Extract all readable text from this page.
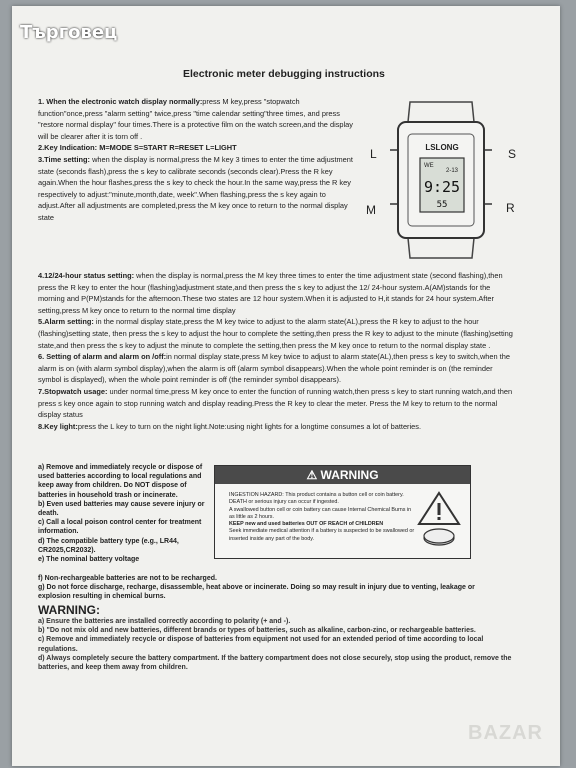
Търговец
Electronic meter debugging instructions

1. When the electronic watch display normally:press M key,press "stopwatch function"once,press "alarm setting" twice,press "time calendar setting"three times, and press "restore normal display" four times.There is a protective film on the watch screen,and the display will be clearer after it is torn off .

2.Key Indication: M=MODE S=START R=RESET L=LIGHT

3.Time setting: when the display is normal,press the M key 3 times to enter the time adjustment state (seconds flash),press the s key to calibrate seconds (seconds clear).Press the R key again.When the hour flashes,press the s key to check the hour.In the same way,press the R key respectively to adjust:"minute,month,date, week".When flashing,press the s key again to adjust.After all adjustments are completed,press the M key once to return to the normal display state

LSLONG
WE
2-13
9:25
55
L	S
M	R

4.12/24-hour status setting: when the display is normal,press the M key three times to enter the time adjustment state (second flashing),then press the R key to enter the hour (flashing)adjustment state,and then press the s key to adjust the 12/ 24-hour system.A(AM)stands for the morning and P(PM)stands for the afternoon.These two states are 12 hour system.When it is adjusted to H,it stands for 24 hour system.After setting,press M key once to return to the normal time display

5.Alarm setting: in the normal display state,press the M key twice to adjust to the alarm state(AL),press the R key to adjust to the hour (flashing)setting state, then press the s key to adjust the hour to complete the setting,then press the R key to adjust to the minute (flashing)setting state,and then press the s key to adjust the minute to complete the setting,then press the M key once to return to the normal display state .

6. Setting of alarm and alarm on /off:in normal display state,press M key twice to adjust to alarm state(AL),then press s key to switch,when the alarm is on (with alarm symbol display),when the alarm is off (alarm symbol disappears).When the whole point reminder is on (the reminder symbol is displayed), when the whole point reminder is off (the reminder symbol disappears).

7.Stopwatch usage: under normal time,press M key once to enter the function of running watch,then press s key to start running watch,and then press s key once again to stop running watch and display reading.Press the R key to clear the meter. Press the M key to return to the normal display status

8.Key light:press the L key to turn on the night light.Note:using night lights for a longtime consumes a lot of batteries.

a) Remove and immediately recycle or dispose of used batteries according to local regulations and keep away from children. Do NOT dispose of batteries in household trash or incinerate.

b) Even used batteries may cause severe injury or death.

c) Call a local poison control center for treatment information.

d) The compatible battery type (e.g., LR44, CR2025,CR2032).

e) The nominal battery voltage

⚠ WARNING

INGESTION HAZARD: This product contains a button cell or coin battery.

DEATH or serious injury can occur if ingested.

A swallowed button cell or coin battery can cause Internal Chemical Burns in as little as 2 hours.

KEEP new and used batteries OUT OF REACH of CHILDREN

Seek immediate medical attention if a battery is suspected to be swallowed or inserted inside any part of the body.

f) Non-rechargeable batteries are not to be recharged.

g) Do not force discharge, recharge, disassemble, heat above or incinerate. Doing so may result in injury due to venting, leakage or explosion resulting in chemical burns.

WARNING:

a) Ensure the batteries are installed correctly according to polarity (+ and -).

b) "Do not mix old and new batteries, different brands or types of batteries, such as alkaline, carbon-zinc, or rechargeable batteries.

c) Remove and immediately recycle or dispose of batteries from equipment not used for an extended period of time according to local regulations.

d) Always completely secure the battery compartment. If the battery compartment does not close securely, stop using the product, remove the batteries, and keep them away from children.

BAZAR
